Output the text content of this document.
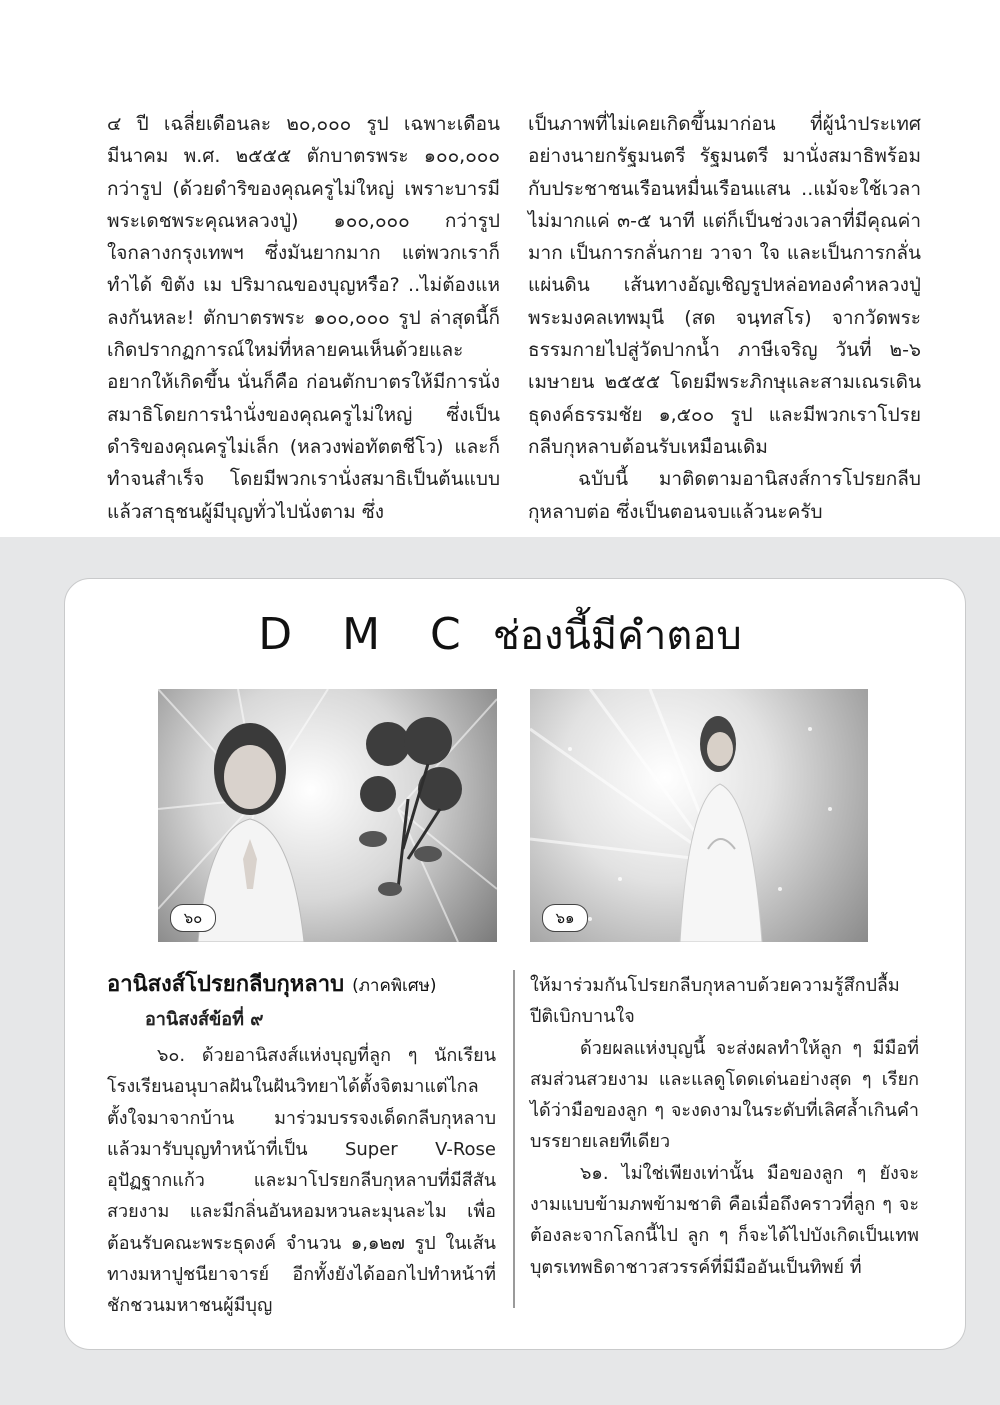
๔ ปี เฉลี่ยเดือนละ ๒๐,๐๐๐ รูป เฉพาะเดือนมีนาคม พ.ศ. ๒๕๕๕ ตักบาตรพระ ๑๐๐,๐๐๐ กว่ารูป (ด้วยดำริของคุณครูไม่ใหญ่ เพราะบารมีพระเดชพระคุณหลวงปู่) ๑๐๐,๐๐๐ กว่ารูป ใจกลางกรุงเทพฯ ซึ่งมันยากมาก แต่พวกเราก็ทำได้ ขิตัง เม ปริมาณของบุญหรือ? ..ไม่ต้องแหลงกันหละ! ตักบาตรพระ ๑๐๐,๐๐๐ รูป ล่าสุดนี้ก็เกิดปรากฏการณ์ใหม่ที่หลายคนเห็นด้วยและอยากให้เกิดขึ้น นั่นก็คือ ก่อนตักบาตรให้มีการนั่งสมาธิโดยการนำนั่งของคุณครูไม่ใหญ่ ซึ่งเป็นดำริของคุณครูไม่เล็ก (หลวงพ่อทัตตชีโว) และก็ทำจนสำเร็จ โดยมีพวกเรานั่งสมาธิเป็นต้นแบบ แล้วสาธุชนผู้มีบุญทั่วไปนั่งตาม ซึ่ง

เป็นภาพที่ไม่เคยเกิดขึ้นมาก่อน ที่ผู้นำประเทศอย่างนายกรัฐมนตรี รัฐมนตรี มานั่งสมาธิพร้อมกับประชาชนเรือนหมื่นเรือนแสน ..แม้จะใช้เวลาไม่มากแค่ ๓-๕ นาที แต่ก็เป็นช่วงเวลาที่มีคุณค่ามาก เป็นการกลั่นกาย วาจา ใจ และเป็นการกลั่นแผ่นดิน เส้นทางอัญเชิญรูปหล่อทองคำหลวงปู่ พระมงคลเทพมุนี (สด จนฺทสโร) จากวัดพระธรรมกายไปสู่วัดปากน้ำ ภาษีเจริญ วันที่ ๒-๖ เมษายน ๒๕๕๕ โดยมีพระภิกษุและสามเณรเดินธุดงค์ธรรมชัย ๑,๕๐๐ รูป และมีพวกเราโปรยกลีบกุหลาบต้อนรับเหมือนเดิม

ฉบับนี้ มาติดตามอานิสงส์การโปรยกลีบกุหลาบต่อ ซึ่งเป็นตอนจบแล้วนะครับ

D M C ช่องนี้มีคำตอบ
๖๐	๖๑
อานิสงส์โปรยกลีบกุหลาบ (ภาคพิเศษ)
อานิสงส์ข้อที่ ๙

๖๐. ด้วยอานิสงส์แห่งบุญที่ลูก ๆ นักเรียนโรงเรียนอนุบาลฝันในฝันวิทยาได้ตั้งจิตมาแต่ไกล ตั้งใจมาจากบ้าน มาร่วมบรรจงเด็ดกลีบกุหลาบ แล้วมารับบุญทำหน้าที่เป็น Super V-Rose อุปัฏฐากแก้ว และมาโปรยกลีบกุหลาบที่มีสีสันสวยงาม และมีกลิ่นอันหอมหวนละมุนละไม เพื่อต้อนรับคณะพระธุดงค์ จำนวน ๑,๑๒๗ รูป ในเส้นทางมหาปูชนียาจารย์ อีกทั้งยังได้ออกไปทำหน้าที่ชักชวนมหาชนผู้มีบุญ

ให้มาร่วมกันโปรยกลีบกุหลาบด้วยความรู้สึกปลื้มปีติเบิกบานใจ

ด้วยผลแห่งบุญนี้ จะส่งผลทำให้ลูก ๆ มีมือที่สมส่วนสวยงาม และแลดูโดดเด่นอย่างสุด ๆ เรียกได้ว่ามือของลูก ๆ จะงดงามในระดับที่เลิศล้ำเกินคำบรรยายเลยทีเดียว

๖๑. ไม่ใช่เพียงเท่านั้น มือของลูก ๆ ยังจะงามแบบข้ามภพข้ามชาติ คือเมื่อถึงคราวที่ลูก ๆ จะต้องละจากโลกนี้ไป ลูก ๆ ก็จะได้ไปบังเกิดเป็นเทพบุตรเทพธิดาชาวสวรรค์ที่มีมืออันเป็นทิพย์ ที่
